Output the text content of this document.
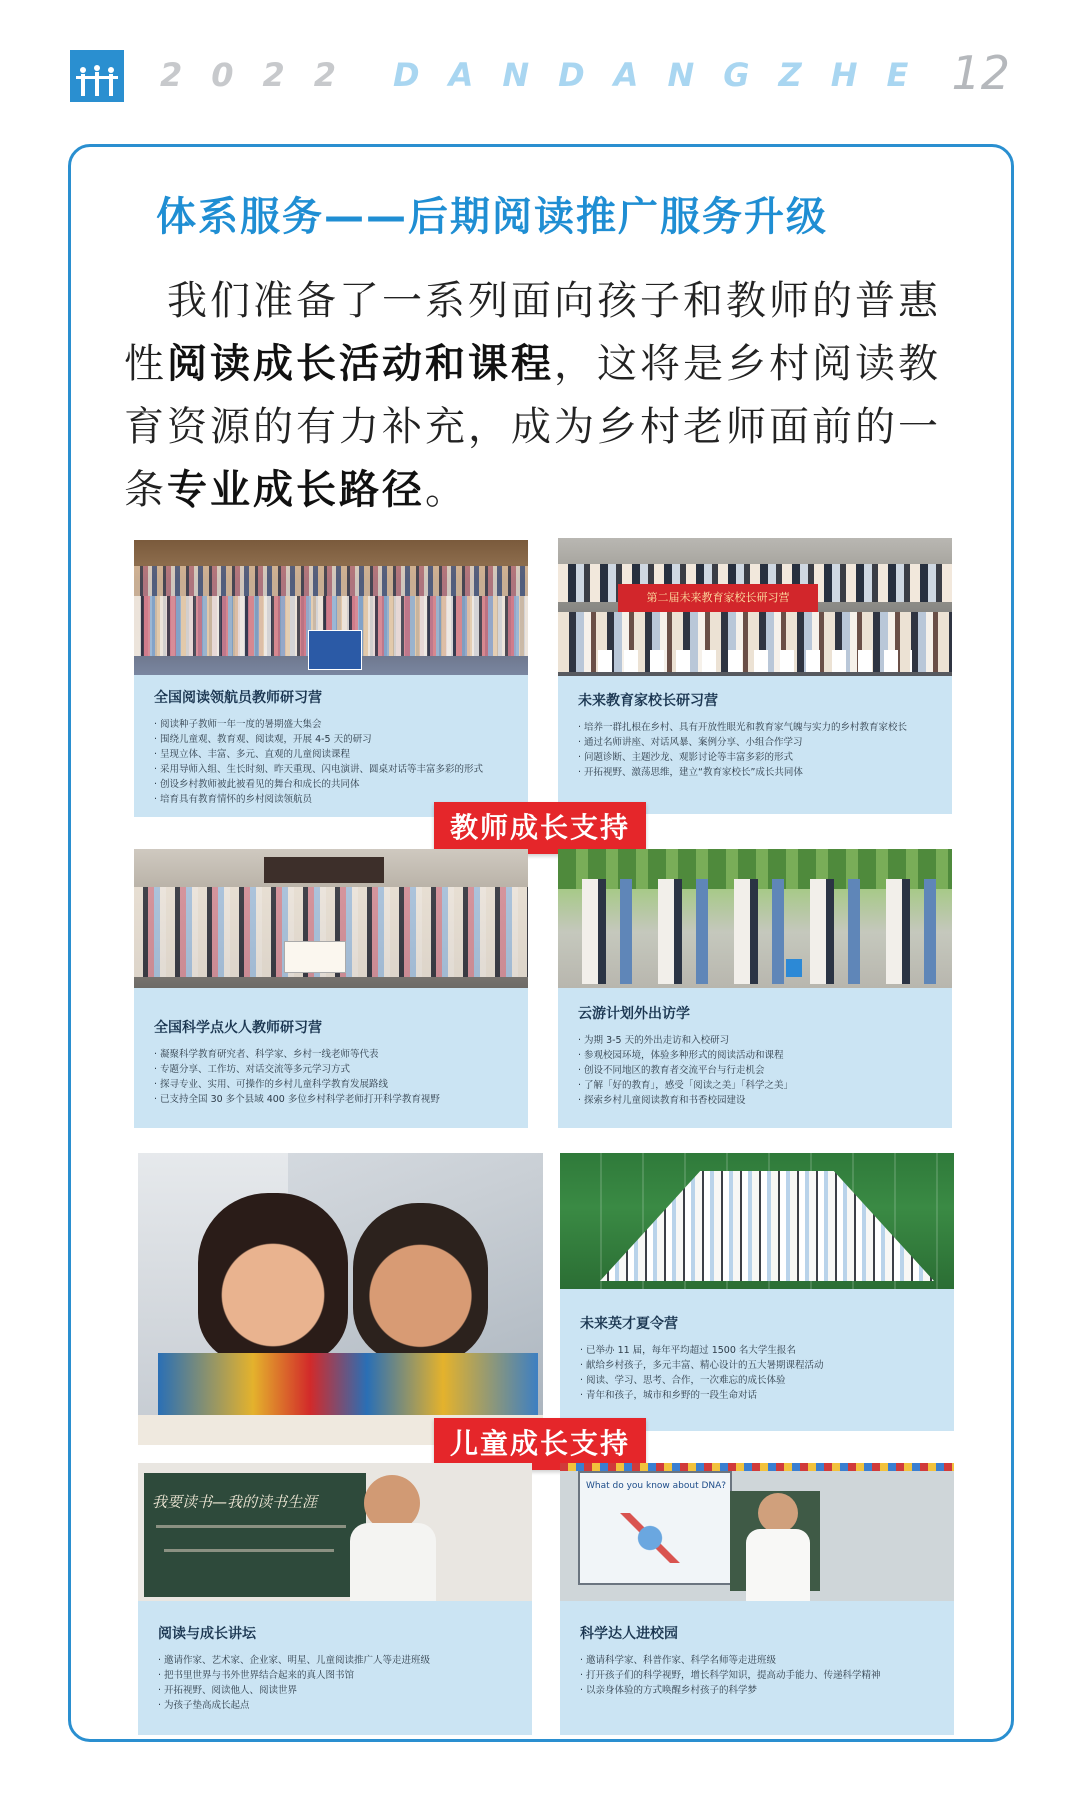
2022 DANDANGZHE 12
体系服务——后期阅读推广服务升级
　我们准备了一系列面向孩子和教师的普惠性阅读成长活动和课程，这将是乡村阅读教育资源的有力补充，成为乡村老师面前的一条专业成长路径。
全国阅读领航员教师研习营
· 阅读种子教师一年一度的暑期盛大集会
· 围绕儿童观、教育观、阅读观，开展 4-5 天的研习
· 呈现立体、丰富、多元、直观的儿童阅读课程
· 采用导师入组、生长时刻、昨天重现、闪电演讲、圆桌对话等丰富多彩的形式
· 创设乡村教师被此被看见的舞台和成长的共同体
· 培育具有教育情怀的乡村阅读领航员
第二届未来教育家校长研习营
未来教育家校长研习营
· 培养一群扎根在乡村、具有开放性眼光和教育家气魄与实力的乡村教育家校长
· 通过名师讲座、对话风暴、案例分享、小组合作学习
· 问题诊断、主题沙龙、观影讨论等丰富多彩的形式
· 开拓视野、激荡思维，建立“教育家校长”成长共同体
教师成长支持
全国科学点火人教师研习营
· 凝聚科学教育研究者、科学家、乡村一线老师等代表
· 专题分享、工作坊、对话交流等多元学习方式
· 探寻专业、实用、可操作的乡村儿童科学教育发展路线
· 已支持全国 30 多个县域 400 多位乡村科学老师打开科学教育视野
云游计划外出访学
· 为期 3-5 天的外出走访和入校研习
· 参观校园环境，体验多种形式的阅读活动和课程
· 创设不同地区的教育者交流平台与行走机会
· 了解「好的教育」，感受「阅读之美」「科学之美」
· 探索乡村儿童阅读教育和书香校园建设
未来英才夏令营
· 已举办 11 届，每年平均超过 1500 名大学生报名
· 献给乡村孩子，多元丰富、精心设计的五大暑期课程活动
· 阅读、学习、思考、合作，一次难忘的成长体验
· 青年和孩子，城市和乡野的一段生命对话
儿童成长支持
我要读书—我的读书生涯
阅读与成长讲坛
· 邀请作家、艺术家、企业家、明星、儿童阅读推广人等走进班级
· 把书里世界与书外世界结合起来的真人图书馆
· 开拓视野、阅读他人、阅读世界
· 为孩子垫高成长起点
What do you know about DNA?
科学达人进校园
· 邀请科学家、科普作家、科学名师等走进班级
· 打开孩子们的科学视野，增长科学知识，提高动手能力、传递科学精神
· 以亲身体验的方式唤醒乡村孩子的科学梦
